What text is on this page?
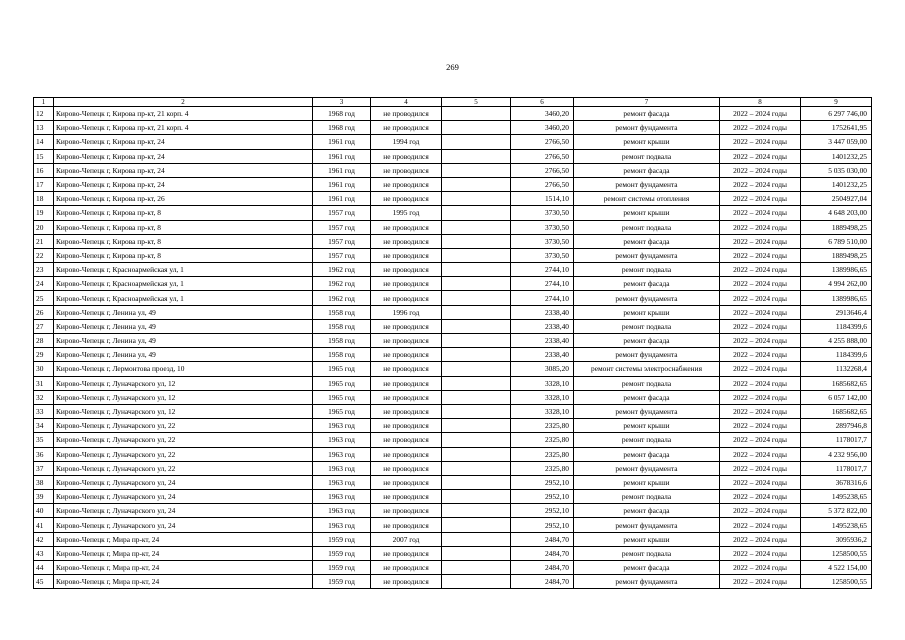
269
1	2	3	4	5	6	7	8	9
12	Кирово-Чепецк г, Кирова пр-кт, 21 корп. 4	1968 год	не проводился		3460,20	ремонт фасада	2022 – 2024 годы	6 297 746,00
13	Кирово-Чепецк г, Кирова пр-кт, 21 корп. 4	1968 год	не проводился		3460,20	ремонт фундамента	2022 – 2024 годы	1752641,95
14	Кирово-Чепецк г, Кирова пр-кт, 24	1961 год	1994 год		2766,50	ремонт крыши	2022 – 2024 годы	3 447 059,00
15	Кирово-Чепецк г, Кирова пр-кт, 24	1961 год	не проводился		2766,50	ремонт подвала	2022 – 2024 годы	1401232,25
16	Кирово-Чепецк г, Кирова пр-кт, 24	1961 год	не проводился		2766,50	ремонт фасада	2022 – 2024 годы	5 035 030,00
17	Кирово-Чепецк г, Кирова пр-кт, 24	1961 год	не проводился		2766,50	ремонт фундамента	2022 – 2024 годы	1401232,25
18	Кирово-Чепецк г, Кирова пр-кт, 26	1961 год	не проводился		1514,10	ремонт системы отопления	2022 – 2024 годы	2504927,04
19	Кирово-Чепецк г, Кирова пр-кт, 8	1957 год	1995 год		3730,50	ремонт крыши	2022 – 2024 годы	4 648 203,00
20	Кирово-Чепецк г, Кирова пр-кт, 8	1957 год	не проводился		3730,50	ремонт подвала	2022 – 2024 годы	1889498,25
21	Кирово-Чепецк г, Кирова пр-кт, 8	1957 год	не проводился		3730,50	ремонт фасада	2022 – 2024 годы	6 789 510,00
22	Кирово-Чепецк г, Кирова пр-кт, 8	1957 год	не проводился		3730,50	ремонт фундамента	2022 – 2024 годы	1889498,25
23	Кирово-Чепецк г, Красноармейская ул, 1	1962 год	не проводился		2744,10	ремонт подвала	2022 – 2024 годы	1389986,65
24	Кирово-Чепецк г, Красноармейская ул, 1	1962 год	не проводился		2744,10	ремонт фасада	2022 – 2024 годы	4 994 262,00
25	Кирово-Чепецк г, Красноармейская ул, 1	1962 год	не проводился		2744,10	ремонт фундамента	2022 – 2024 годы	1389986,65
26	Кирово-Чепецк г, Ленина ул, 49	1958 год	1996 год		2338,40	ремонт крыши	2022 – 2024 годы	2913646,4
27	Кирово-Чепецк г, Ленина ул, 49	1958 год	не проводился		2338,40	ремонт подвала	2022 – 2024 годы	1184399,6
28	Кирово-Чепецк г, Ленина ул, 49	1958 год	не проводился		2338,40	ремонт фасада	2022 – 2024 годы	4 255 888,00
29	Кирово-Чепецк г, Ленина ул, 49	1958 год	не проводился		2338,40	ремонт фундамента	2022 – 2024 годы	1184399,6
30	Кирово-Чепецк г, Лермонтова проезд, 10	1965 год	не проводился		3085,20	ремонт системы электроснабжения	2022 – 2024 годы	1132268,4
31	Кирово-Чепецк г, Луначарского ул, 12	1965 год	не проводился		3328,10	ремонт подвала	2022 – 2024 годы	1685682,65
32	Кирово-Чепецк г, Луначарского ул, 12	1965 год	не проводился		3328,10	ремонт фасада	2022 – 2024 годы	6 057 142,00
33	Кирово-Чепецк г, Луначарского ул, 12	1965 год	не проводился		3328,10	ремонт фундамента	2022 – 2024 годы	1685682,65
34	Кирово-Чепецк г, Луначарского ул, 22	1963 год	не проводился		2325,80	ремонт крыши	2022 – 2024 годы	2897946,8
35	Кирово-Чепецк г, Луначарского ул, 22	1963 год	не проводился		2325,80	ремонт подвала	2022 – 2024 годы	1178017,7
36	Кирово-Чепецк г, Луначарского ул, 22	1963 год	не проводился		2325,80	ремонт фасада	2022 – 2024 годы	4 232 956,00
37	Кирово-Чепецк г, Луначарского ул, 22	1963 год	не проводился		2325,80	ремонт фундамента	2022 – 2024 годы	1178017,7
38	Кирово-Чепецк г, Луначарского ул, 24	1963 год	не проводился		2952,10	ремонт крыши	2022 – 2024 годы	3678316,6
39	Кирово-Чепецк г, Луначарского ул, 24	1963 год	не проводился		2952,10	ремонт подвала	2022 – 2024 годы	1495238,65
40	Кирово-Чепецк г, Луначарского ул, 24	1963 год	не проводился		2952,10	ремонт фасада	2022 – 2024 годы	5 372 822,00
41	Кирово-Чепецк г, Луначарского ул, 24	1963 год	не проводился		2952,10	ремонт фундамента	2022 – 2024 годы	1495238,65
42	Кирово-Чепецк г, Мира пр-кт, 24	1959 год	2007 год		2484,70	ремонт крыши	2022 – 2024 годы	3095936,2
43	Кирово-Чепецк г, Мира пр-кт, 24	1959 год	не проводился		2484,70	ремонт подвала	2022 – 2024 годы	1258500,55
44	Кирово-Чепецк г, Мира пр-кт, 24	1959 год	не проводился		2484,70	ремонт фасада	2022 – 2024 годы	4 522 154,00
45	Кирово-Чепецк г, Мира пр-кт, 24	1959 год	не проводился		2484,70	ремонт фундамента	2022 – 2024 годы	1258500,55
